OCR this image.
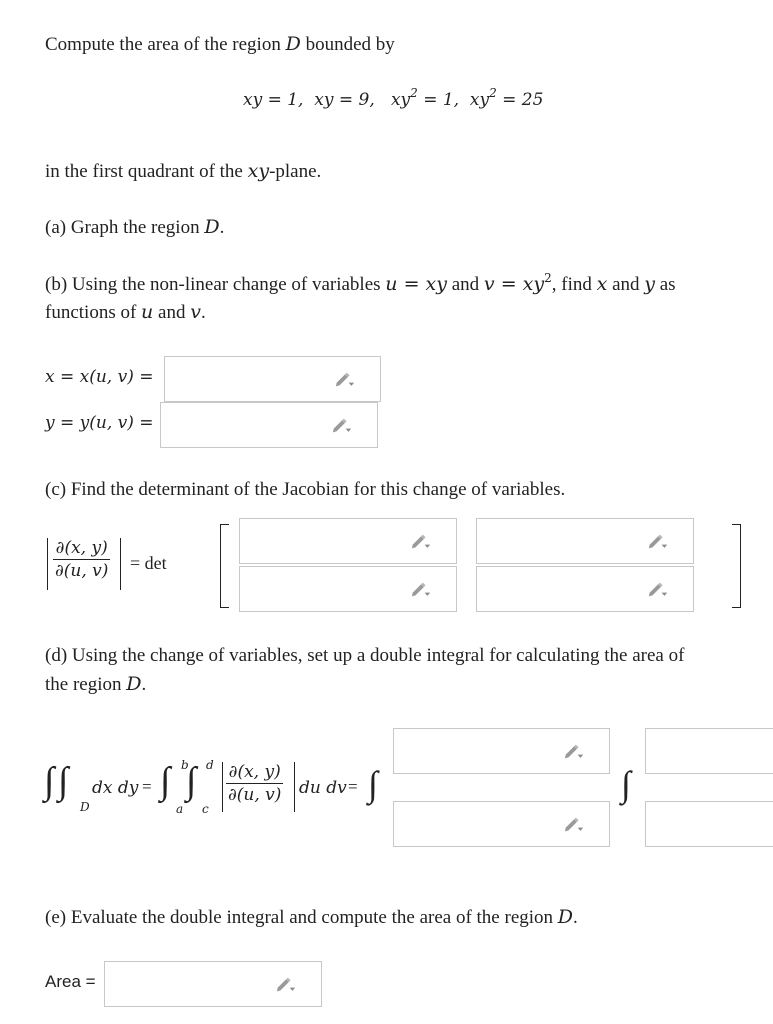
Compute the area of the region D bounded by
xy = 1, xy = 9, $xy^2 = 1$, $xy^2 = 25$
in the first quadrant of the xy-plane.
(a) Graph the region D.
(b) Using the non-linear change of variables u = xy and $v = xy^2$, find x and y as
functions of u and v.
x = x(u, v) =
y = y(u, v) =
(c) Find the determinant of the Jacobian for this change of variables.
$\frac{\partial(x, y)}{\partial(u, v)} = \det$
(d) Using the change of variables, set up a double integral for calculating the area of
the region D.
∫ ∫
D
dx dy = ∫ b
a
∫ d
c
$\frac{\partial(x, y)}{\partial(u, v)}$ du dv = ∫	∫
(e) Evaluate the double integral and compute the area of the region D.
Area =
